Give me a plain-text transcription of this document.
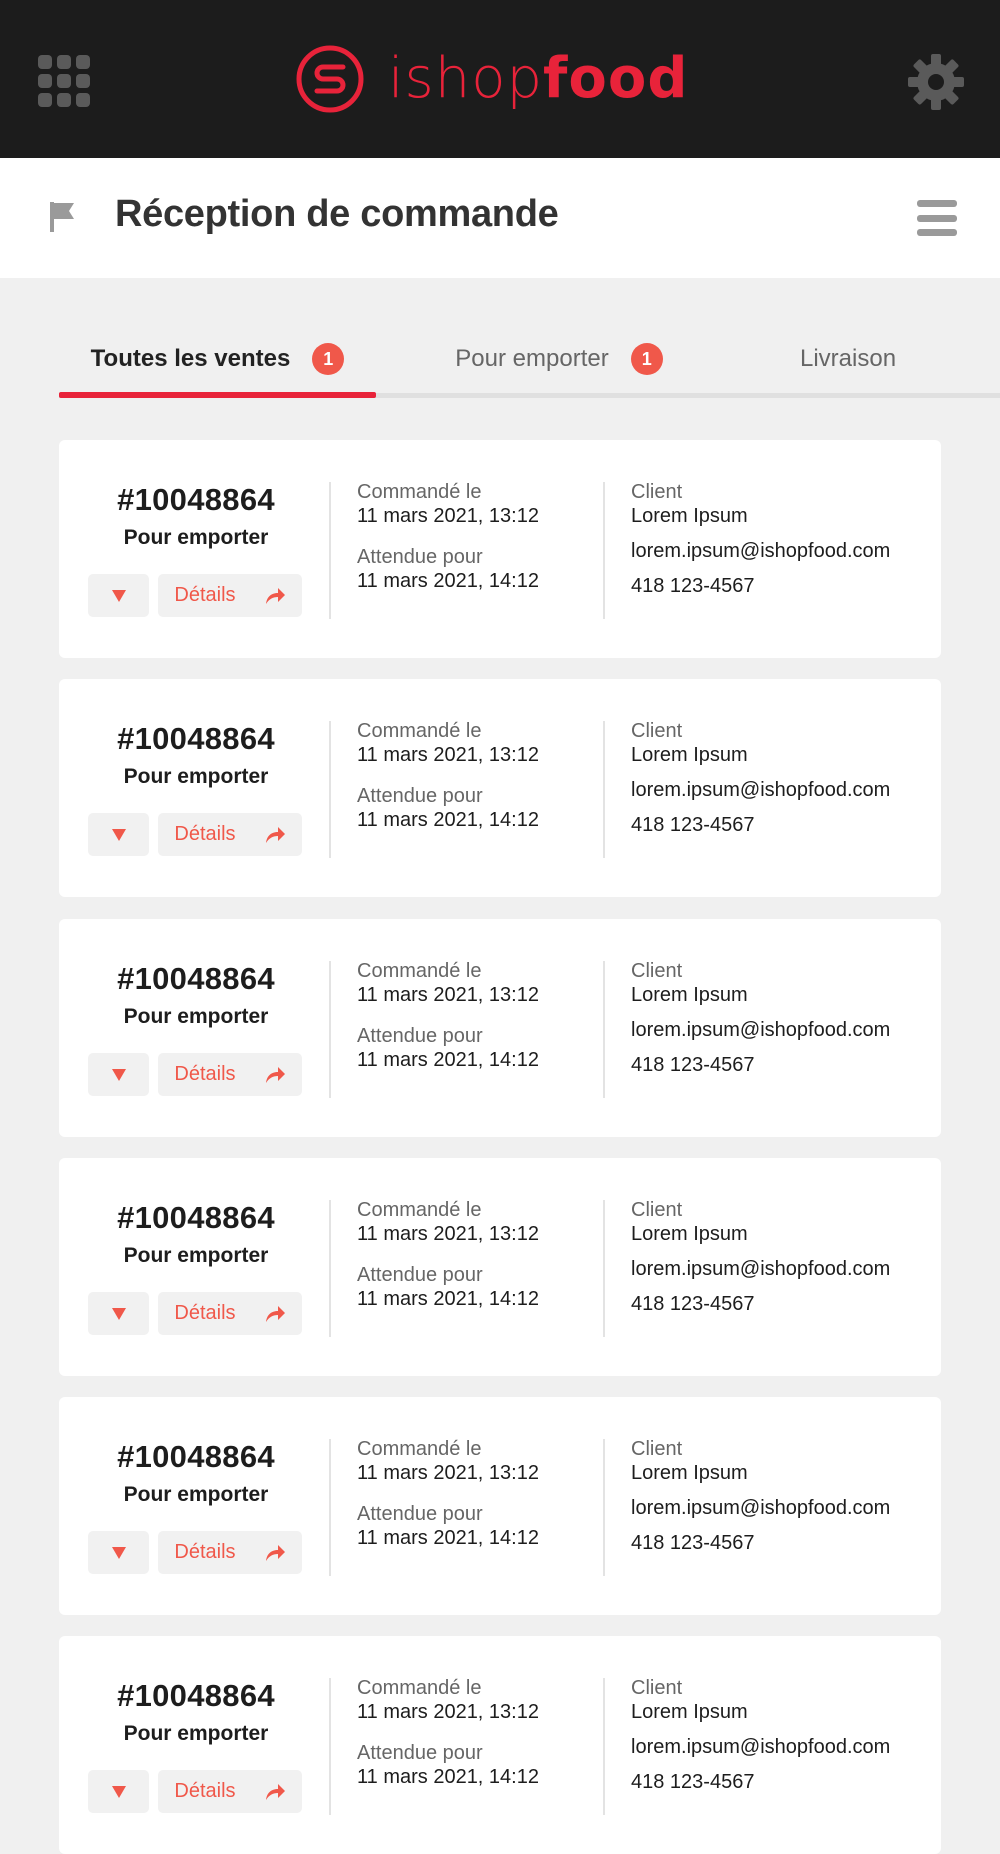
ishopfood
Réception de commande
Toutes les ventes	1	Pour emporter	1	Livraison
#10048864
Pour emporter
Détails
Commandé le
11 mars 2021, 13:12
Attendue pour
11 mars 2021, 14:12
Client
Lorem Ipsum
lorem.ipsum@ishopfood.com
418 123-4567
#10048864
Pour emporter
Détails
Commandé le
11 mars 2021, 13:12
Attendue pour
11 mars 2021, 14:12
Client
Lorem Ipsum
lorem.ipsum@ishopfood.com
418 123-4567
#10048864
Pour emporter
Détails
Commandé le
11 mars 2021, 13:12
Attendue pour
11 mars 2021, 14:12
Client
Lorem Ipsum
lorem.ipsum@ishopfood.com
418 123-4567
#10048864
Pour emporter
Détails
Commandé le
11 mars 2021, 13:12
Attendue pour
11 mars 2021, 14:12
Client
Lorem Ipsum
lorem.ipsum@ishopfood.com
418 123-4567
#10048864
Pour emporter
Détails
Commandé le
11 mars 2021, 13:12
Attendue pour
11 mars 2021, 14:12
Client
Lorem Ipsum
lorem.ipsum@ishopfood.com
418 123-4567
#10048864
Pour emporter
Détails
Commandé le
11 mars 2021, 13:12
Attendue pour
11 mars 2021, 14:12
Client
Lorem Ipsum
lorem.ipsum@ishopfood.com
418 123-4567
